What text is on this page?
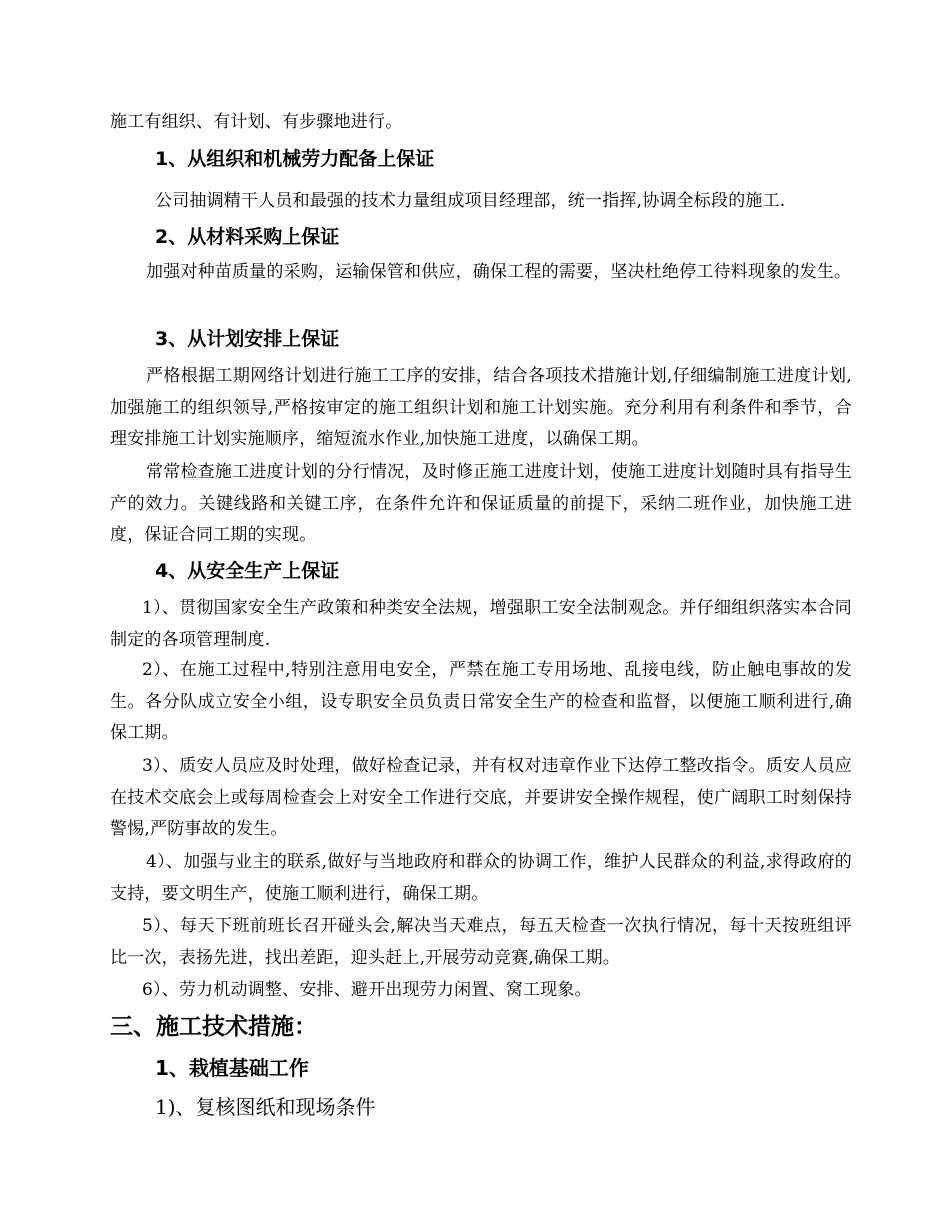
施工有组织、有计划、有步骤地进行。
1、从组织和机械劳力配备上保证
公司抽调精干人员和最强的技术力量组成项目经理部，统一指挥,协调全标段的施工.
2、从材料采购上保证
加强对种苗质量的采购，运输保管和供应，确保工程的需要，坚决杜绝停工待料现象的发生。
3、从计划安排上保证
严格根据工期网络计划进行施工工序的安排，结合各项技术措施计划,仔细编制施工进度计划,加强施工的组织领导,严格按审定的施工组织计划和施工计划实施。充分利用有利条件和季节，合理安排施工计划实施顺序，缩短流水作业,加快施工进度，以确保工期。
常常检查施工进度计划的分行情况，及时修正施工进度计划，使施工进度计划随时具有指导生产的效力。关键线路和关键工序，在条件允许和保证质量的前提下，采纳二班作业，加快施工进度，保证合同工期的实现。
4、从安全生产上保证
1）、贯彻国家安全生产政策和种类安全法规，增强职工安全法制观念。并仔细组织落实本合同制定的各项管理制度.
2）、在施工过程中,特别注意用电安全，严禁在施工专用场地、乱接电线，防止触电事故的发生。各分队成立安全小组，设专职安全员负责日常安全生产的检查和监督，以便施工顺利进行,确保工期。
3）、质安人员应及时处理，做好检查记录，并有权对违章作业下达停工整改指令。质安人员应在技术交底会上或每周检查会上对安全工作进行交底，并要讲安全操作规程，使广阔职工时刻保持警惕,严防事故的发生。
4）、加强与业主的联系,做好与当地政府和群众的协调工作，维护人民群众的利益,求得政府的支持，要文明生产，使施工顺利进行，确保工期。
5）、每天下班前班长召开碰头会,解决当天难点，每五天检查一次执行情况，每十天按班组评比一次，表扬先进，找出差距，迎头赶上,开展劳动竞赛,确保工期。
6）、劳力机动调整、安排、避开出现劳力闲置、窝工现象。
三、施工技术措施：
1、栽植基础工作
1)、复核图纸和现场条件
